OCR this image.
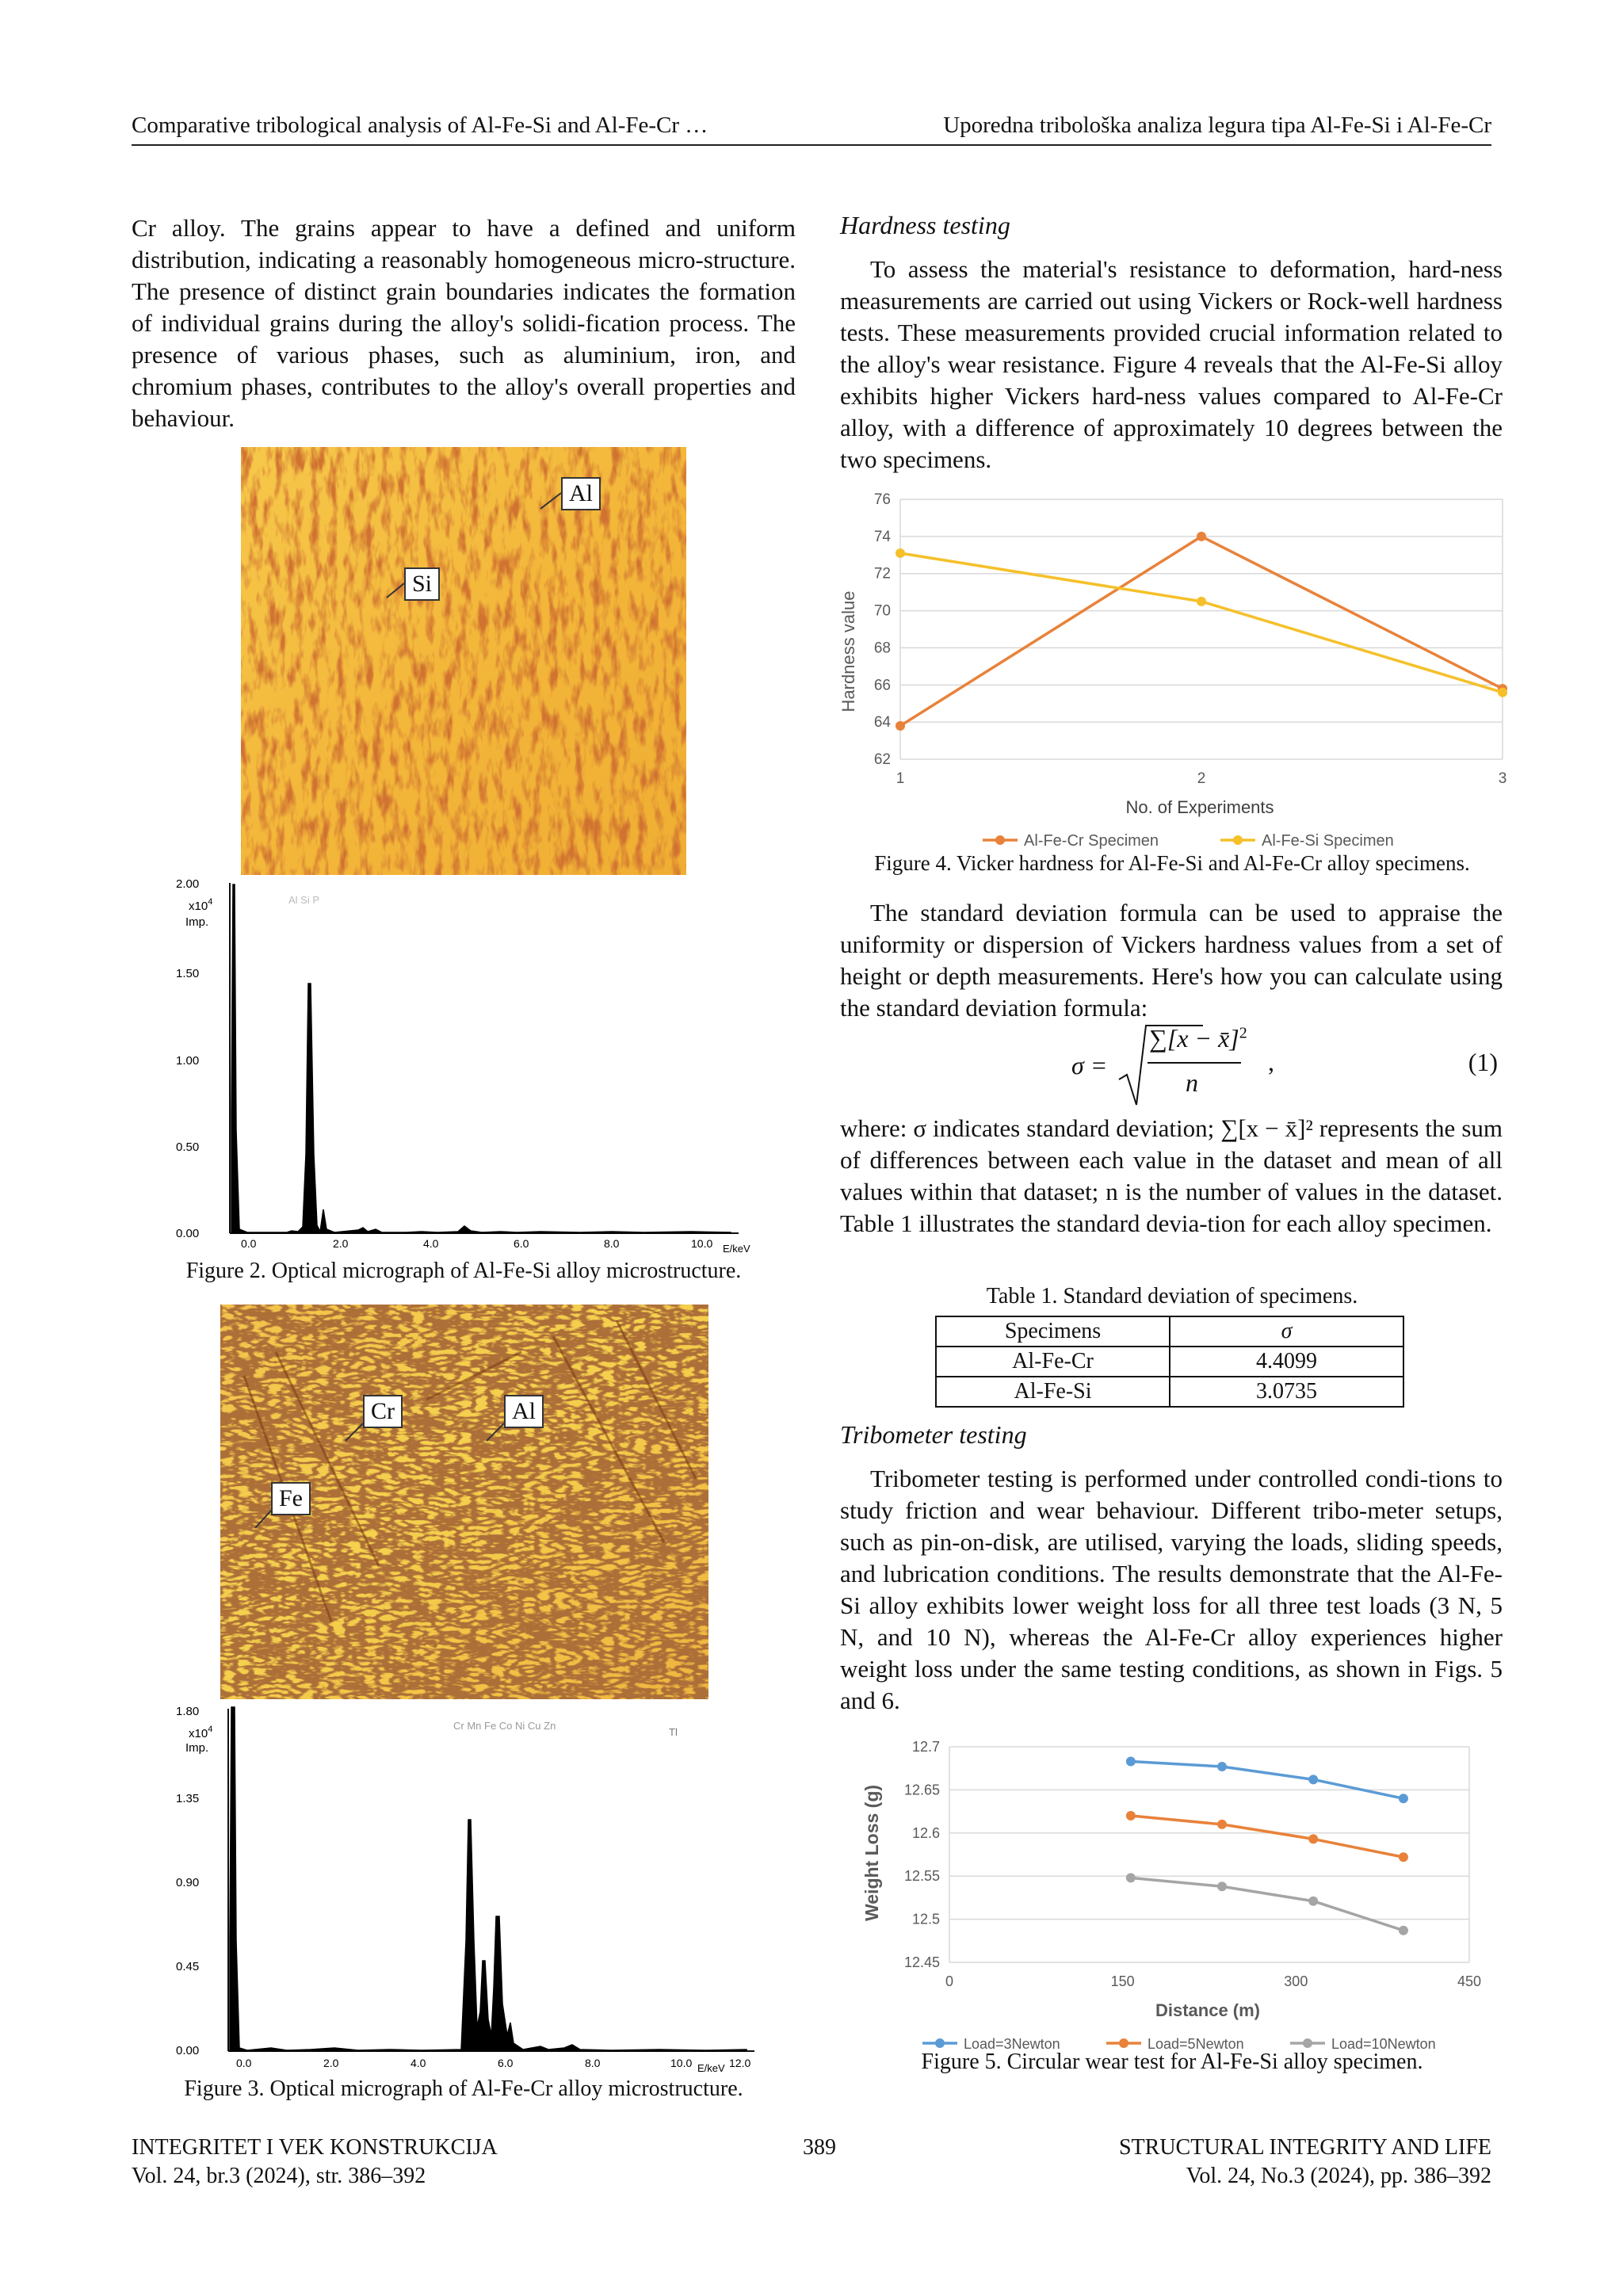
Comparative tribological analysis of Al-Fe-Si and Al-Fe-Cr …	Uporedna tribološka analiza legura tipa Al-Fe-Si i Al-Fe-Cr
Cr alloy. The grains appear to have a defined and uniform distribution, indicating a reasonably homogeneous micro-structure. The presence of distinct grain boundaries indicates the formation of individual grains during the alloy's solidi-fication process. The presence of various phases, such as aluminium, iron, and chromium phases, contributes to the alloy's overall properties and behaviour.
Al
Si
2.00
$x10^4$
Imp.
1.50
1.00
0.50
0.00
Al Si P
0.0	2.0	4.0	6.0	8.0	10.0 E/keV
Figure 2. Optical micrograph of Al-Fe-Si alloy microstructure.
Cr	Al
Fe
1.80
$x10^4$
Imp.
1.35
0.90
0.45
0.00
Cr Mn Fe Co Ni Cu Zn
Tl
0.0	2.0	4.0	6.0	8.0	10.0	12.0
E/keV
Figure 3. Optical micrograph of Al-Fe-Cr alloy microstructure.
Hardness testing
To assess the material's resistance to deformation, hard-ness measurements are carried out using Vickers or Rock-well hardness tests. These measurements provided crucial information related to the alloy's wear resistance. Figure 4 reveals that the Al-Fe-Si alloy exhibits higher Vickers hard-ness values compared to Al-Fe-Cr alloy, with a difference of approximately 10 degrees between the two specimens.
Hardness value
No. of Experiments
62
64
66
68
70
72
74
76
1	2	3
Al-Fe-Cr Specimen	Al-Fe-Si Specimen
Figure 4. Vicker hardness for Al-Fe-Si and Al-Fe-Cr alloy specimens.
The standard deviation formula can be used to appraise the uniformity or dispersion of Vickers hardness values from a set of height or depth measurements. Here's how you can calculate using the standard deviation formula:
σ =
∑[x − x̄]$^2$
n
,	(1)
where: σ indicates standard deviation; ∑[x − x̄]² represents the sum of differences between each value in the dataset and mean of all values within that dataset; n is the number of values in the dataset. Table 1 illustrates the standard devia-tion for each alloy specimen.
Table 1. Standard deviation of specimens.
Specimens	σ
Al-Fe-Cr	4.4099
Al-Fe-Si	3.0735
Tribometer testing
Tribometer testing is performed under controlled condi-tions to study friction and wear behaviour. Different tribo-meter setups, such as pin-on-disk, are utilised, varying the loads, sliding speeds, and lubrication conditions. The results demonstrate that the Al-Fe-Si alloy exhibits lower weight loss for all three test loads (3 N, 5 N, and 10 N), whereas the Al-Fe-Cr alloy experiences higher weight loss under the same testing conditions, as shown in Figs. 5 and 6.
Weight Loss (g)
Distance (m)
12.45
12.5
12.55
12.6
12.65
12.7
0	150	300	450
Load=3Newton	Load=5Newton	Load=10Newton
Figure 5. Circular wear test for Al-Fe-Si alloy specimen.
INTEGRITET I VEK KONSTRUKCIJA
Vol. 24, br.3 (2024), str. 386–392
389	STRUCTURAL INTEGRITY AND LIFE
Vol. 24, No.3 (2024), pp. 386–392
